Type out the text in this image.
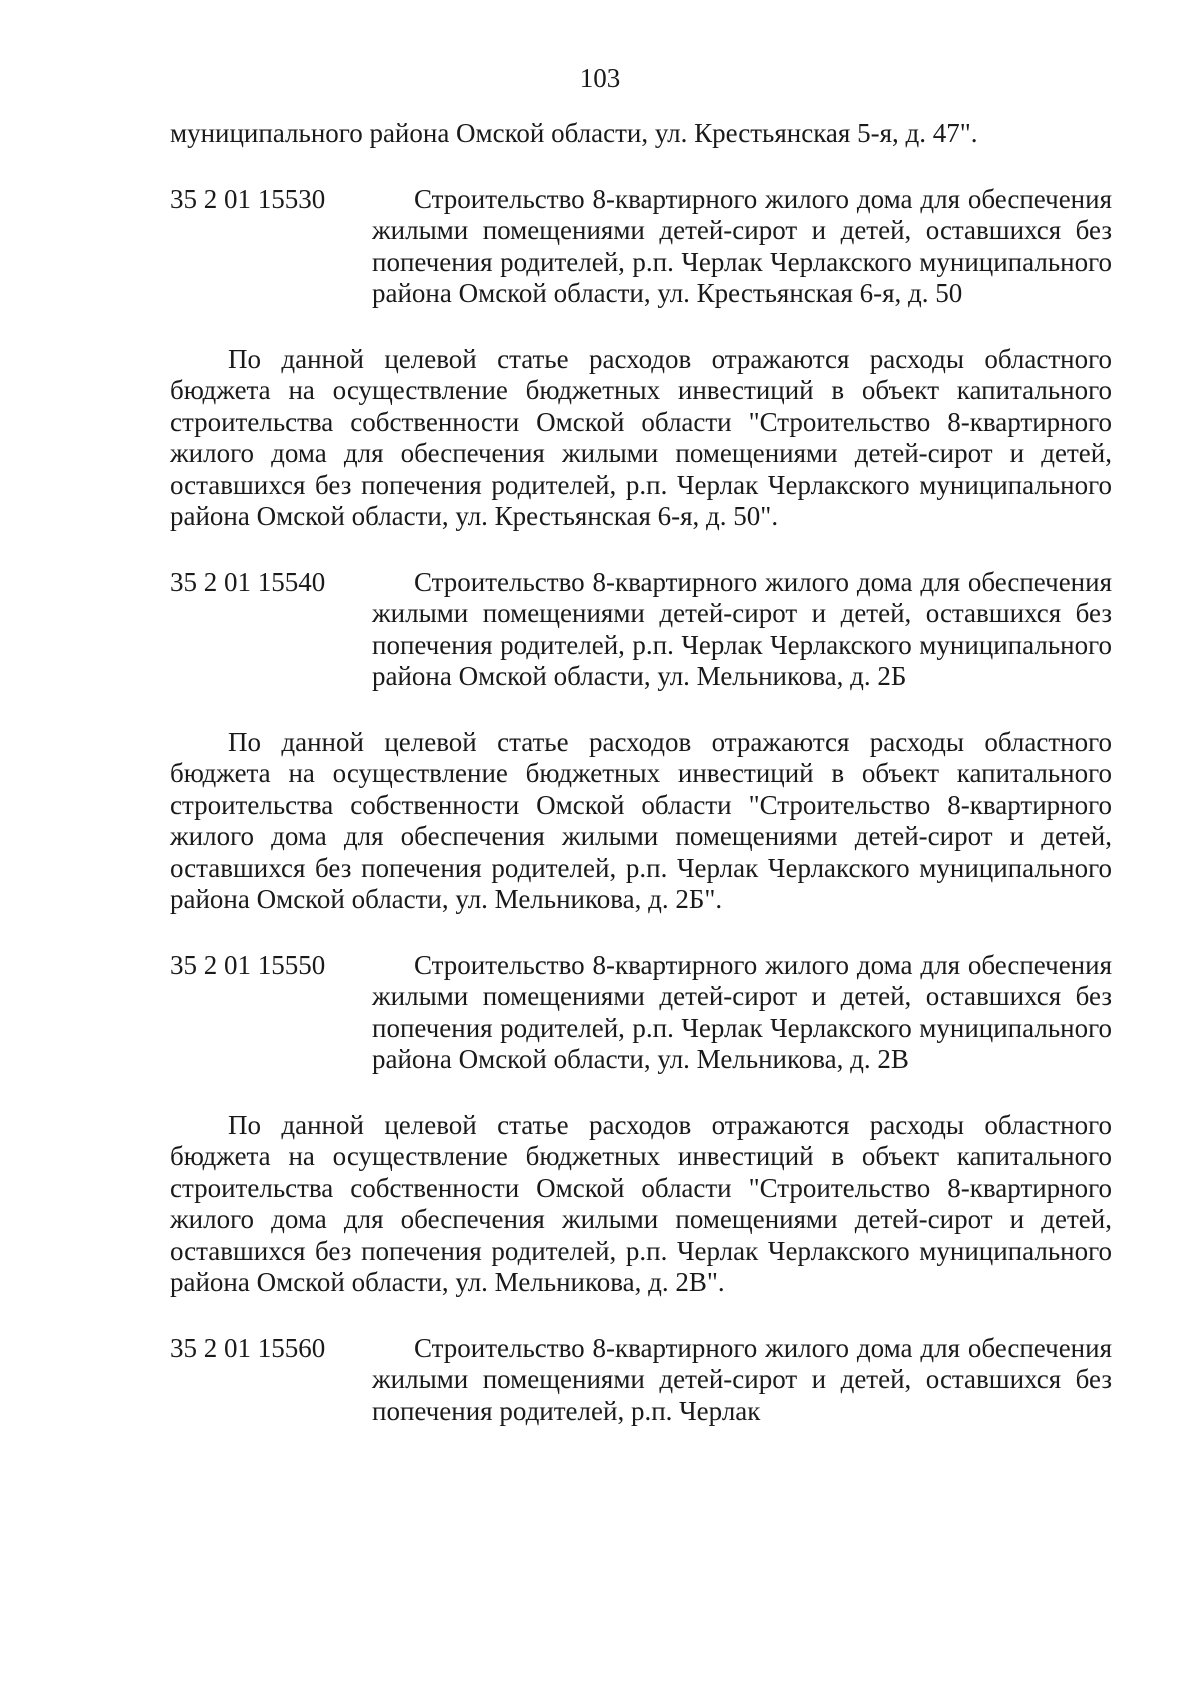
103

муниципального района Омской области, ул. Крестьянская 5-я, д. 47".

35 2 01 15530	Строительство 8-квартирного жилого дома для обеспечения жилыми помещениями детей-сирот и детей, оставшихся без попечения родителей, р.п. Черлак Черлакского муниципального района Омской области, ул. Крестьянская 6-я, д. 50
По данной целевой статье расходов отражаются расходы областного бюджета на осуществление бюджетных инвестиций в объект капитального строительства собственности Омской области "Строительство 8-квартирного жилого дома для обеспечения жилыми помещениями детей-сирот и детей, оставшихся без попечения родителей, р.п. Черлак Черлакского муниципального района Омской области, ул. Крестьянская 6-я, д. 50".
35 2 01 15540	Строительство 8-квартирного жилого дома для обеспечения жилыми помещениями детей-сирот и детей, оставшихся без попечения родителей, р.п. Черлак Черлакского муниципального района Омской области, ул. Мельникова, д. 2Б
По данной целевой статье расходов отражаются расходы областного бюджета на осуществление бюджетных инвестиций в объект капитального строительства собственности Омской области "Строительство 8-квартирного жилого дома для обеспечения жилыми помещениями детей-сирот и детей, оставшихся без попечения родителей, р.п. Черлак Черлакского муниципального района Омской области, ул. Мельникова, д. 2Б".
35 2 01 15550	Строительство 8-квартирного жилого дома для обеспечения жилыми помещениями детей-сирот и детей, оставшихся без попечения родителей, р.п. Черлак Черлакского муниципального района Омской области, ул. Мельникова, д. 2В
По данной целевой статье расходов отражаются расходы областного бюджета на осуществление бюджетных инвестиций в объект капитального строительства собственности Омской области "Строительство 8-квартирного жилого дома для обеспечения жилыми помещениями детей-сирот и детей, оставшихся без попечения родителей, р.п. Черлак Черлакского муниципального района Омской области, ул. Мельникова, д. 2В".
35 2 01 15560	Строительство 8-квартирного жилого дома для обеспечения жилыми помещениями детей-сирот и детей, оставшихся без попечения родителей, р.п. Черлак
